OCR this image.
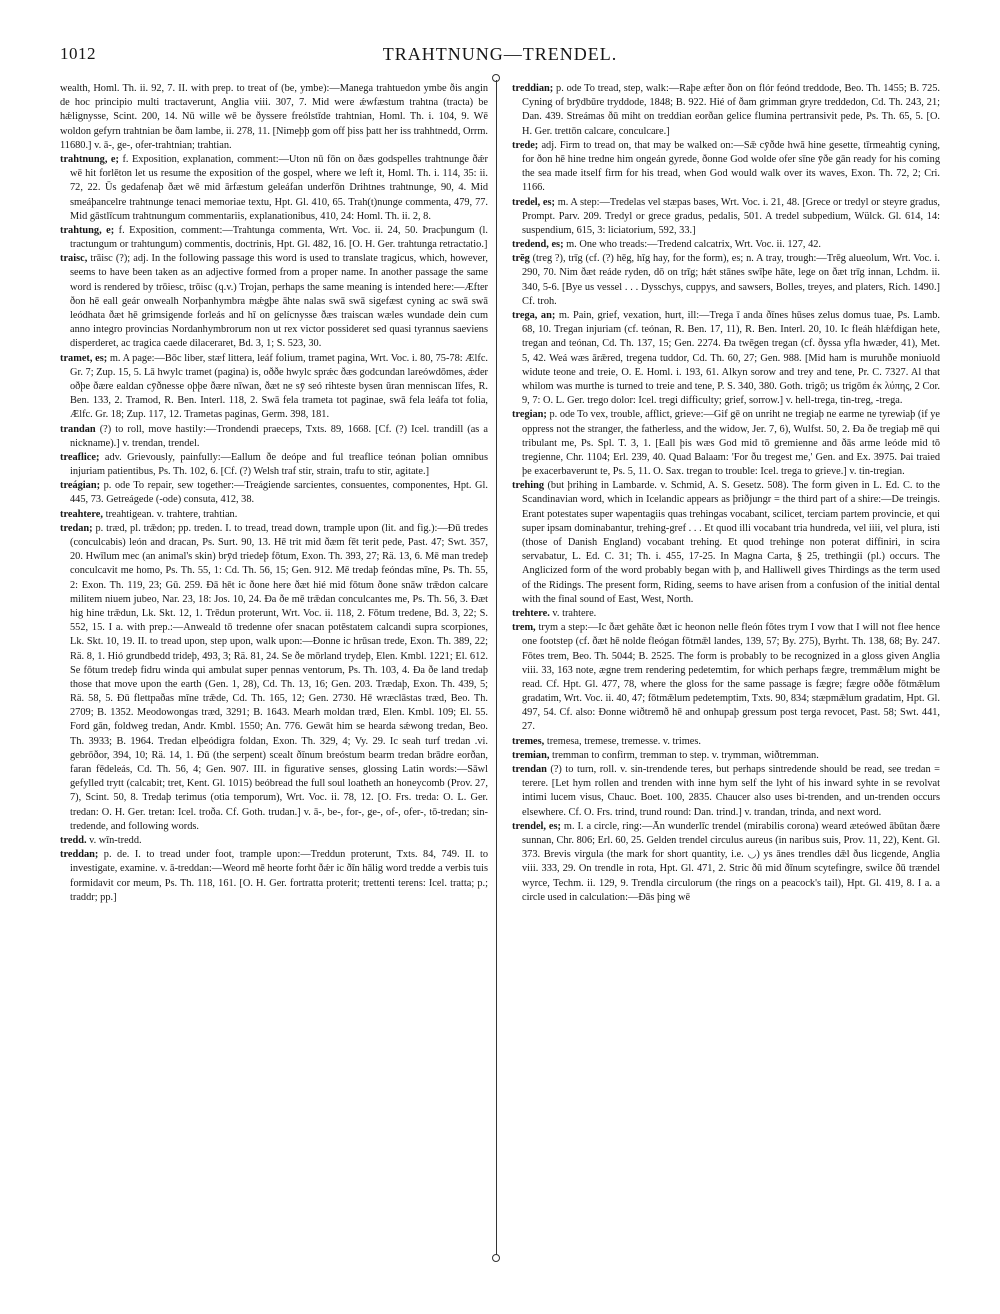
1012	TRAHTNUNG—TRENDEL.

wealth, Homl. Th. ii. 92, 7. II. with prep. to treat of (be, ymbe):—Manega trahtuedon ymbe ðis angin de hoc principio multi tractaverunt, Anglia viii. 307, 7. Mid were ǽwfæstum trahtna (tracta) be hǽlignysse, Scint. 200, 14. Nū wille wē be ðyssere freólstīde trahtnian, Homl. Th. i. 104, 9. Wē woldon gefyrn trahtnian be ðam lambe, ii. 278, 11. [Nimeþþ gom off þiss þatt her iss trahhtnedd, Orrm. 11680.] v. ā-, ge-, ofer-trahtnian; trahtian.

trahtnung, e; f. Exposition, explanation, comment:—Uton nū fōn on ðæs godspelles trahtnunge ðǽr wē hit forlēton let us resume the exposition of the gospel, where we left it, Homl. Th. i. 114, 35: ii. 72, 22. Ūs gedafenaþ ðæt wē mid ārfæstum geleáfan underfōn Drihtnes trahtnunge, 90, 4. Mid smeáþancelre trahtnunge tenaci memoriae textu, Hpt. Gl. 410, 65. Trah(t)nunge commenta, 479, 77. Mid gāstlīcum trahtnungum commentariis, explanationibus, 410, 24: Homl. Th. ii. 2, 8.

trahtung, e; f. Exposition, comment:—Trahtunga commenta, Wrt. Voc. ii. 24, 50. Þracþungum (l. tractungum or trahtungum) commentis, doctrinis, Hpt. Gl. 482, 16. [O. H. Ger. trahtunga retractatio.]

traisc, trāisc (?); adj. In the following passage this word is used to translate tragicus, which, however, seems to have been taken as an adjective formed from a proper name. In another passage the same word is rendered by trōiesc, trōisc (q.v.) Trojan, perhaps the same meaning is intended here:—Æfter ðon hē eall geár onwealh Norþanhymbra mǽgþe āhte nalas swā swā sigefæst cyning ac swā swā leódhata ðæt hē grimsigende forleás and hī on gelícnysse ðæs traiscan wæles wundade dein cum anno integro provincias Nordanhymbrorum non ut rex victor possideret sed quasi tyrannus saeviens disperderet, ac tragica caede dilaceraret, Bd. 3, 1; S. 523, 30.

tramet, es; m. A page:—Bōc liber, stæf littera, leáf folium, tramet pagina, Wrt. Voc. i. 80, 75-78: Ælfc. Gr. 7; Zup. 15, 5. Lā hwylc tramet (pagina) is, oððe hwylc sprǽc ðæs godcundan lareówdōmes, ǽder oðþe ðære ealdan cȳðnesse oþþe ðære nīwan, ðæt ne sȳ seó rihteste bysen ūran menniscan līfes, R. Ben. 133, 2. Tramod, R. Ben. Interl. 118, 2. Swā fela trameta tot paginae, swā fela leáfa tot folia, Ælfc. Gr. 18; Zup. 117, 12. Trametas paginas, Germ. 398, 181.

trandan (?) to roll, move hastily:—Trondendi praeceps, Txts. 89, 1668. [Cf. (?) Icel. trandill (as a nickname).] v. trendan, trendel.

treaflice; adv. Grievously, painfully:—Eallum ðe deópe and ful treaflice teónan þolian omnibus injuriam patientibus, Ps. Th. 102, 6. [Cf. (?) Welsh traf stir, strain, trafu to stir, agitate.]

treágian; p. ode To repair, sew together:—Treágiende sarcientes, consuentes, componentes, Hpt. Gl. 445, 73. Getreágede (-ode) consuta, 412, 38.

treahtere, treahtigean. v. trahtere, trahtian.

tredan; p. træd, pl. trǣdon; pp. treden. I. to tread, tread down, trample upon (lit. and fig.):—Ðū tredes (conculcabis) león and dracan, Ps. Surt. 90, 13. Hē trit mid ðæm fēt terit pede, Past. 47; Swt. 357, 20. Hwīlum mec (an animal's skin) brȳd triedeþ fōtum, Exon. Th. 393, 27; Rä. 13, 6. Mē man tredeþ conculcavit me homo, Ps. Th. 55, 1: Cd. Th. 56, 15; Gen. 912. Mē tredaþ feóndas mīne, Ps. Th. 55, 2: Exon. Th. 119, 23; Gū. 259. Ðā hēt ic ðone here ðæt hié mid fōtum ðone snāw trǣdon calcare militem niuem jubeo, Nar. 23, 18: Jos. 10, 24. Ða ðe mē trǣdan conculcantes me, Ps. Th. 56, 3. Ðæt hig hine trǣdun, Lk. Skt. 12, 1. Trēdun proterunt, Wrt. Voc. ii. 118, 2. Fōtum tredene, Bd. 3, 22; S. 552, 15. I a. with prep.:—Anweald tō tredenne ofer snacan potēstatem calcandi supra scorpiones, Lk. Skt. 10, 19. II. to tread upon, step upon, walk upon:—Ðonne ic hrūsan trede, Exon. Th. 389, 22; Rä. 8, 1. Hió grundbedd trideþ, 493, 3; Rä. 81, 24. Se ðe mōrland trydeþ, Elen. Kmbl. 1221; El. 612. Se fōtum tredeþ fidru winda qui ambulat super pennas ventorum, Ps. Th. 103, 4. Ða ðe land tredaþ those that move upon the earth (Gen. 1, 28), Cd. Th. 13, 16; Gen. 203. Trædaþ, Exon. Th. 439, 5; Rä. 58, 5. Ðū flettpaðas mīne trǣde, Cd. Th. 165, 12; Gen. 2730. Hē wræclāstas træd, Beo. Th. 2709; B. 1352. Meodowongas træd, 3291; B. 1643. Mearh moldan træd, Elen. Kmbl. 109; El. 55. Ford gān, foldweg tredan, Andr. Kmbl. 1550; An. 776. Gewāt him se hearda sǽwong tredan, Beo. Th. 3933; B. 1964. Tredan elþeódigra foldan, Exon. Th. 329, 4; Vy. 29. Ic seah turf tredan .vi. gebrōðor, 394, 10; Rä. 14, 1. Ðū (the serpent) scealt ðīnum breóstum bearm tredan brādre eorðan, faran fēdeleás, Cd. Th. 56, 4; Gen. 907. III. in figurative senses, glossing Latin words:—Sāwl gefylled trytt (calcabit; tret, Kent. Gl. 1015) beóbread the full soul loatheth an honeycomb (Prov. 27, 7), Scint. 50, 8. Tredaþ terimus (otia temporum), Wrt. Voc. ii. 78, 12. [O. Frs. treda: O. L. Ger. tredan: O. H. Ger. tretan: Icel. troða. Cf. Goth. trudan.] v. ā-, be-, for-, ge-, of-, ofer-, tō-tredan; sin-tredende, and following words.

tredd. v. wīn-tredd.

treddan; p. de. I. to tread under foot, trample upon:—Treddun proterunt, Txts. 84, 749. II. to investigate, examine. v. ā-treddan:—Weord mē heorte forht ðǽr ic ðīn hālig word tredde a verbis tuis formidavit cor meum, Ps. Th. 118, 161. [O. H. Ger. fortratta proterit; trettenti terens: Icel. tratta; p.; traddr; pp.]

treddian; p. ode To tread, step, walk:—Raþe æfter ðon on flór feónd treddode, Beo. Th. 1455; B. 725. Cyning of brȳdbūre tryddode, 1848; B. 922. Hié of ðam grimman gryre treddedon, Cd. Th. 243, 21; Dan. 439. Streámas ðū miht on treddian eorðan gelice flumina pertransivit pede, Ps. Th. 65, 5. [O. H. Ger. trettōn calcare, conculcare.]

trede; adj. Firm to tread on, that may be walked on:—Sǣ cȳðde hwā hine gesette, tīrmeahtig cyning, for ðon hē hine tredne him ongeán gyrede, ðonne God wolde ofer sīne ȳðe gān ready for his coming the sea made itself firm for his tread, when God would walk over its waves, Exon. Th. 72, 2; Cri. 1166.

tredel, es; m. A step:—Tredelas vel stæpas bases, Wrt. Voc. i. 21, 48. [Grece or tredyl or steyre gradus, Prompt. Parv. 209. Tredyl or grece gradus, pedalis, 501. A tredel subpedium, Wülck. Gl. 614, 14: suspendium, 615, 3: liciatorium, 592, 33.]

tredend, es; m. One who treads:—Tredend calcatrix, Wrt. Voc. ii. 127, 42.

trēg (treg ?), trīg (cf. (?) hēg, hīg hay, for the form), es; n. A tray, trough:—Trēg alueolum, Wrt. Voc. i. 290, 70. Nim ðæt reáde ryden, dō on trīg; hǽt stānes swīþe hāte, lege on ðæt trīg innan, Lchdm. ii. 340, 5-6. [Bye us vessel . . . Dysschys, cuppys, and sawsers, Bolles, treyes, and platers, Rich. 1490.] Cf. troh.

trega, an; m. Pain, grief, vexation, hurt, ill:—Trega ī anda ðīnes hūses zelus domus tuae, Ps. Lamb. 68, 10. Tregan injuriam (cf. teónan, R. Ben. 17, 11), R. Ben. Interl. 20, 10. Ic fleáh hlǽfdigan hete, tregan and teónan, Cd. Th. 137, 15; Gen. 2274. Ða twēgen tregan (cf. ðyssa yfla hwæder, 41), Met. 5, 42. Weá wæs ārǣred, tregena tuddor, Cd. Th. 60, 27; Gen. 988. [Mid ham is muruhðe moniuold widute teone and treie, O. E. Homl. i. 193, 61. Alkyn sorow and trey and tene, Pr. C. 7327. Al that whilom was murthe is turned to treie and tene, P. S. 340, 380. Goth. trigō; us trigōm ἐκ λύπης, 2 Cor. 9, 7: O. L. Ger. trego dolor: Icel. tregi difficulty; grief, sorrow.] v. hell-trega, tin-treg, -trega.

tregian; p. ode To vex, trouble, afflict, grieve:—Gif gē on unriht ne tregiaþ ne earme ne tyrewiaþ (if ye oppress not the stranger, the fatherless, and the widow, Jer. 7, 6), Wulfst. 50, 2. Ða ðe tregiaþ mē qui tribulant me, Ps. Spl. T. 3, 1. [Eall þis wæs God mid tō gremienne and ðās arme leóde mid tō tregienne, Chr. 1104; Erl. 239, 40. Quad Balaam: 'For ðu tregest me,' Gen. and Ex. 3975. Þai traied þe exacerbaverunt te, Ps. 5, 11. O. Sax. tregan to trouble: Icel. trega to grieve.] v. tin-tregian.

trehing (but þrihing in Lambarde. v. Schmid, A. S. Gesetz. 508). The form given in L. Ed. C. to the Scandinavian word, which in Icelandic appears as þriðjungr = the third part of a shire:—De treingis. Erant potestates super wapentagiis quas trehingas vocabant, scilicet, terciam partem provincie, et qui super ipsam dominabantur, trehing-gref . . . Et quod illi vocabant tria hundreda, vel iiii, vel plura, isti (those of Danish England) vocabant trehing. Et quod trehinge non poterat diffiniri, in scira servabatur, L. Ed. C. 31; Th. i. 455, 17-25. In Magna Carta, § 25, trethingii (pl.) occurs. The Anglicized form of the word probably began with þ, and Halliwell gives Thirdings as the term used of the Ridings. The present form, Riding, seems to have arisen from a confusion of the initial dental with the final sound of East, West, North.

trehtere. v. trahtere.

trem, trym a step:—Ic ðæt gehāte ðæt ic heonon nelle fleón fōtes trym I vow that I will not flee hence one footstep (cf. ðæt hē nolde fleógan fōtmǣl landes, 139, 57; By. 275), Byrht. Th. 138, 68; By. 247. Fōtes trem, Beo. Th. 5044; B. 2525. The form is probably to be recognized in a gloss given Anglia viii. 33, 163 note, ægne trem rendering pedetemtim, for which perhaps fægre, tremmǣlum might be read. Cf. Hpt. Gl. 477, 78, where the gloss for the same passage is fægre; fægre oððe fōtmǣlum gradatim, Wrt. Voc. ii. 40, 47; fōtmǣlum pedetemptim, Txts. 90, 834; stæpmǣlum gradatim, Hpt. Gl. 497, 54. Cf. also: Ðonne wiðtremð hē and onhupaþ gressum post terga revocet, Past. 58; Swt. 441, 27.

tremes, tremesa, tremese, tremesse. v. trimes.

tremian, tremman to confirm, tremman to step. v. trymman, wiðtremman.

trendan (?) to turn, roll. v. sin-trendende teres, but perhaps sintredende should be read, see tredan = terere. [Let hym rollen and trenden with inne hym self the lyht of his inward syhte in se revolvat intimi lucem visus, Chauc. Boet. 100, 2835. Chaucer also uses bi-trenden, and un-trenden occurs elsewhere. Cf. O. Frs. trind, trund round: Dan. trind.] v. trandan, trinda, and next word.

trendel, es; m. I. a circle, ring:—Ān wunderlīc trendel (mirabilis corona) weard æteówed ābūtan ðære sunnan, Chr. 806; Erl. 60, 25. Gelden trendel circulus aureus (in naribus suis, Prov. 11, 22), Kent. Gl. 373. Brevis virgula (the mark for short quantity, i.e. ◡) ys ānes trendles dǣl ðus licgende, Anglia viii. 333, 29. On trendle in rota, Hpt. Gl. 471, 2. Stric ðū mid ðīnum scytefingre, swilce ðū trændel wyrce, Techm. ii. 129, 9. Trendla circulorum (the rings on a peacock's tail), Hpt. Gl. 419, 8. I a. a circle used in calculation:—Ðās þing wē
